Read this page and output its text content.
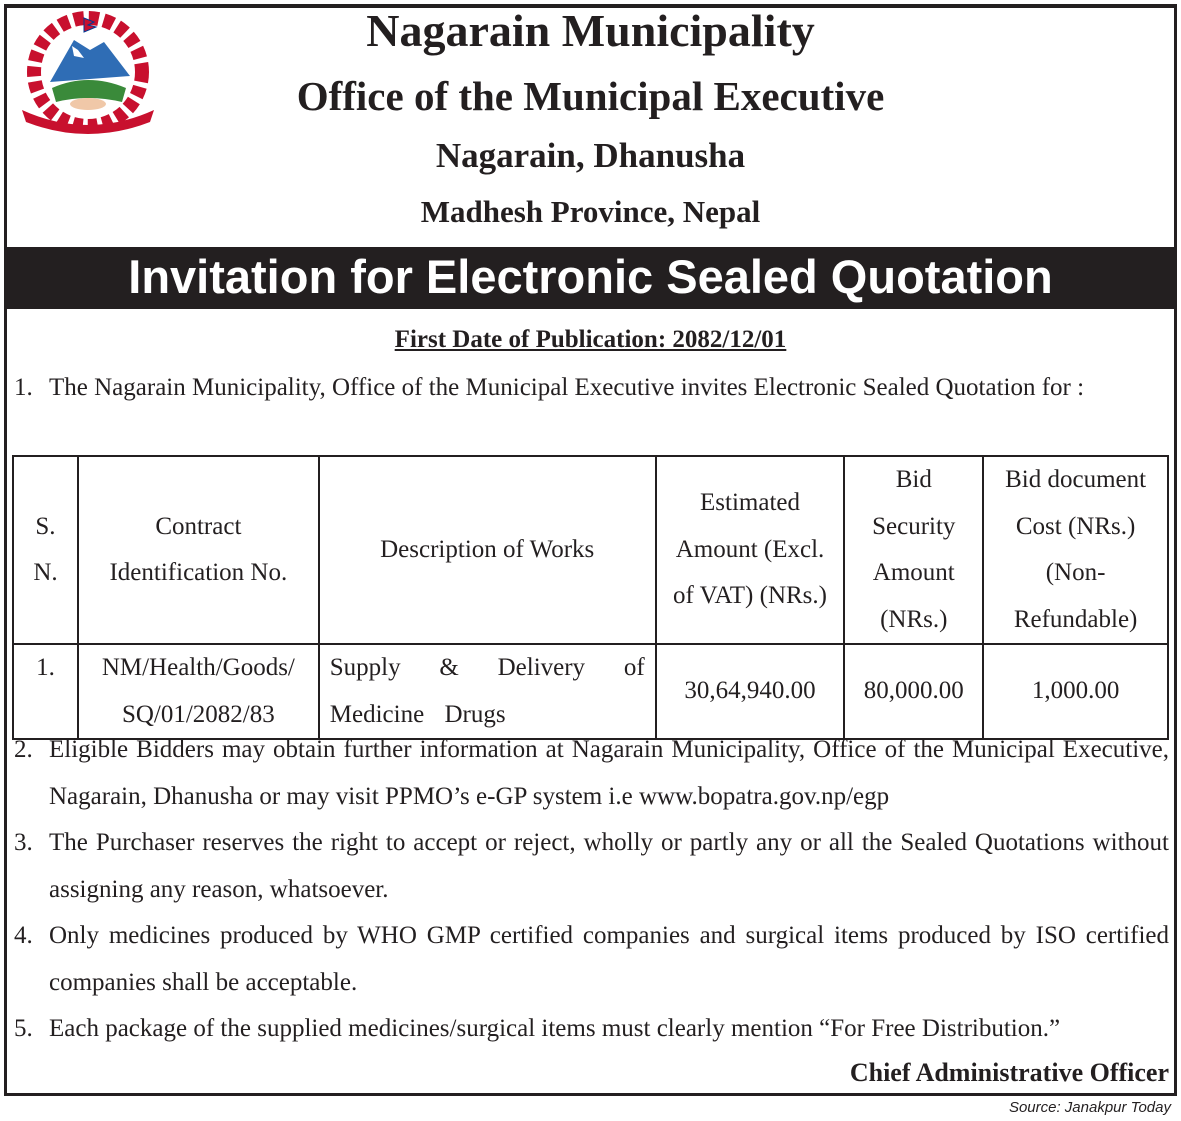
Nagarain Municipality
Office of the Municipal Executive
Nagarain, Dhanusha
Madhesh Province, Nepal
Invitation for Electronic Sealed Quotation
First Date of Publication: 2082/12/01
1. The Nagarain Municipality, Office of the Municipal Executive invites Electronic Sealed Quotation for :
S. N.	Contract Identification No.	Description of Works	Estimated Amount (Excl. of VAT) (NRs.)	Bid Security Amount (NRs.)	Bid document Cost (NRs.) (Non-Refundable)
1.	NM/Health/Goods/ SQ/01/2082/83	Supply & Delivery of Medicine Drugs	30,64,940.00	80,000.00	1,000.00
2. Eligible Bidders may obtain further information at Nagarain Municipality, Office of the Municipal Executive, Nagarain, Dhanusha or may visit PPMO’s e-GP system i.e www.bopatra.gov.np/egp
3. The Purchaser reserves the right to accept or reject, wholly or partly any or all the Sealed Quotations without assigning any reason, whatsoever.
4. Only medicines produced by WHO GMP certified companies and surgical items produced by ISO certified companies shall be acceptable.
5. Each package of the supplied medicines/surgical items must clearly mention “For Free Distribution.”
Chief Administrative Officer
Source: Janakpur Today
